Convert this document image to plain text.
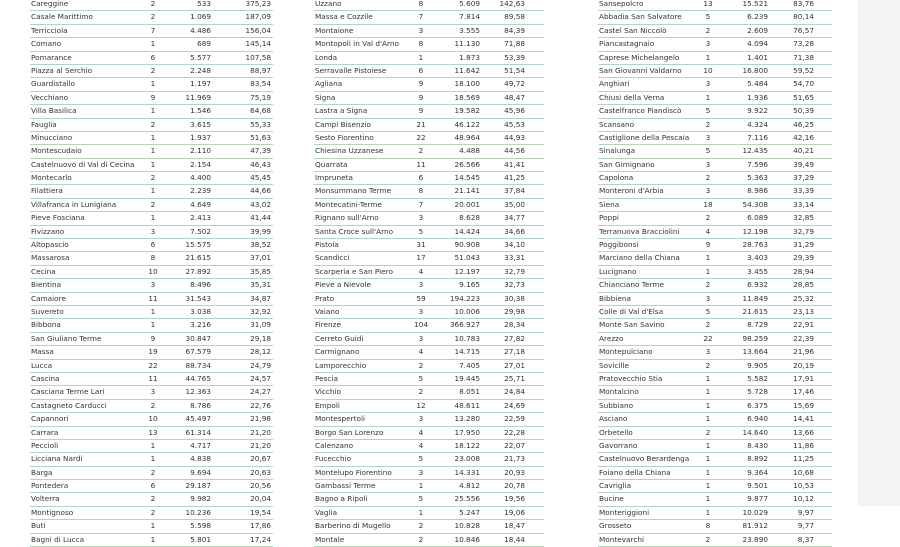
Careggine	2	533	375,23
Casale Marittimo	2	1.069	187,09
Terricciola	7	4.486	156,04
Comano	1	689	145,14
Pomarance	6	5.577	107,58
Piazza al Serchio	2	2.248	88,97
Guardistallo	1	1.197	83,54
Vecchiano	9	11.969	75,19
Villa Basilica	1	1.546	64,68
Fauglia	2	3.615	55,33
Minucciano	1	1.937	51,63
Montescudaio	1	2.110	47,39
Castelnuovo di Val di Cecina	1	2.154	46,43
Montecarlo	2	4.400	45,45
Filattiera	1	2.239	44,66
Villafranca in Lunigiana	2	4.649	43,02
Pieve Fosciana	1	2.413	41,44
Fivizzano	3	7.502	39,99
Altopascio	6	15.575	38,52
Massarosa	8	21.615	37,01
Cecina	10	27.892	35,85
Bientina	3	8.496	35,31
Camaiore	11	31.543	34,87
Suvereto	1	3.038	32,92
Bibbona	1	3.216	31,09
San Giuliano Terme	9	30.847	29,18
Massa	19	67.579	28,12
Lucca	22	88.734	24,79
Cascina	11	44.765	24,57
Casciana Terme Lari	3	12.363	24,27
Castagneto Carducci	2	8.786	22,76
Capannori	10	45.497	21,98
Carrara	13	61.314	21,20
Peccioli	1	4.717	21,20
Licciana Nardi	1	4.838	20,67
Barga	2	9.694	20,63
Pontedera	6	29.187	20,56
Volterra	2	9.982	20,04
Montignoso	2	10.236	19,54
Buti	1	5.598	17,86
Bagni di Lucca	1	5.801	17,24
Uzzano	8	5.609	142,63
Massa e Cozzile	7	7.814	89,58
Montaione	3	3.555	84,39
Montopoli in Val d'Arno	8	11.130	71,88
Londa	1	1.873	53,39
Serravalle Pistoiese	6	11.642	51,54
Agliana	9	18.100	49,72
Signa	9	18.569	48,47
Lastra a Signa	9	19.582	45,96
Campi Bisenzio	21	46.122	45,53
Sesto Fiorentino	22	48.964	44,93
Chiesina Uzzanese	2	4.488	44,56
Quarrata	11	26.566	41,41
Impruneta	6	14.545	41,25
Monsummano Terme	8	21.141	37,84
Montecatini-Terme	7	20.001	35,00
Rignano sull'Arno	3	8.628	34,77
Santa Croce sull'Arno	5	14.424	34,66
Pistoia	31	90.908	34,10
Scandicci	17	51.043	33,31
Scarperia e San Piero	4	12.197	32,79
Pieve a Nievole	3	9.165	32,73
Prato	59	194.223	30,38
Vaiano	3	10.006	29,98
Firenze	104	366.927	28,34
Cerreto Guidi	3	10.783	27,82
Carmignano	4	14.715	27,18
Lamporecchio	2	7.405	27,01
Pescia	5	19.445	25,71
Vicchio	2	8.051	24,84
Empoli	12	48.611	24,69
Montespertoli	3	13.280	22,59
Borgo San Lorenzo	4	17.950	22,28
Calenzano	4	18.122	22,07
Fucecchio	5	23.008	21,73
Montelupo Fiorentino	3	14.331	20,93
Gambassi Terme	1	4.812	20,78
Bagno a Ripoli	5	25.556	19,56
Vaglia	1	5.247	19,06
Barberino di Mugello	2	10.828	18,47
Montale	2	10.846	18,44
Sansepolcro	13	15.521	83,76
Abbadia San Salvatore	5	6.239	80,14
Castel San Niccolò	2	2.609	76,57
Piancastagnaio	3	4.094	73,28
Caprese Michelangelo	1	1.401	71,38
San Giovanni Valdarno	10	16.800	59,52
Anghiari	3	5.484	54,70
Chiusi della Verna	1	1.936	51,65
Castelfranco Piandiscò	5	9.922	50,39
Scansano	2	4.324	46,25
Castiglione della Pescaia	3	7.116	42,16
Sinalunga	5	12.435	40,21
San Gimignano	3	7.596	39,49
Capolona	2	5.363	37,29
Monteroni d'Arbia	3	8.986	33,39
Siena	18	54.308	33,14
Poppi	2	6.089	32,85
Terranuova Bracciolini	4	12.198	32,79
Poggibonsi	9	28.763	31,29
Marciano della Chiana	1	3.403	29,39
Lucignano	1	3.455	28,94
Chianciano Terme	2	6.932	28,85
Bibbiena	3	11.849	25,32
Colle di Val d'Elsa	5	21.615	23,13
Monte San Savino	2	8.729	22,91
Arezzo	22	98.259	22,39
Montepulciano	3	13.664	21,96
Sovicille	2	9.905	20,19
Pratovecchio Stia	1	5.582	17,91
Montalcino	1	5.728	17,46
Subbiano	1	6.375	15,69
Asciano	1	6.940	14,41
Orbetello	2	14.640	13,66
Gavorrano	1	8.430	11,86
Castelnuovo Berardenga	1	8.892	11,25
Foiano della Chiana	1	9.364	10,68
Cavriglia	1	9.501	10,53
Bucine	1	9.877	10,12
Monteriggioni	1	10.029	9,97
Grosseto	8	81.912	9,77
Montevarchi	2	23.890	8,37
